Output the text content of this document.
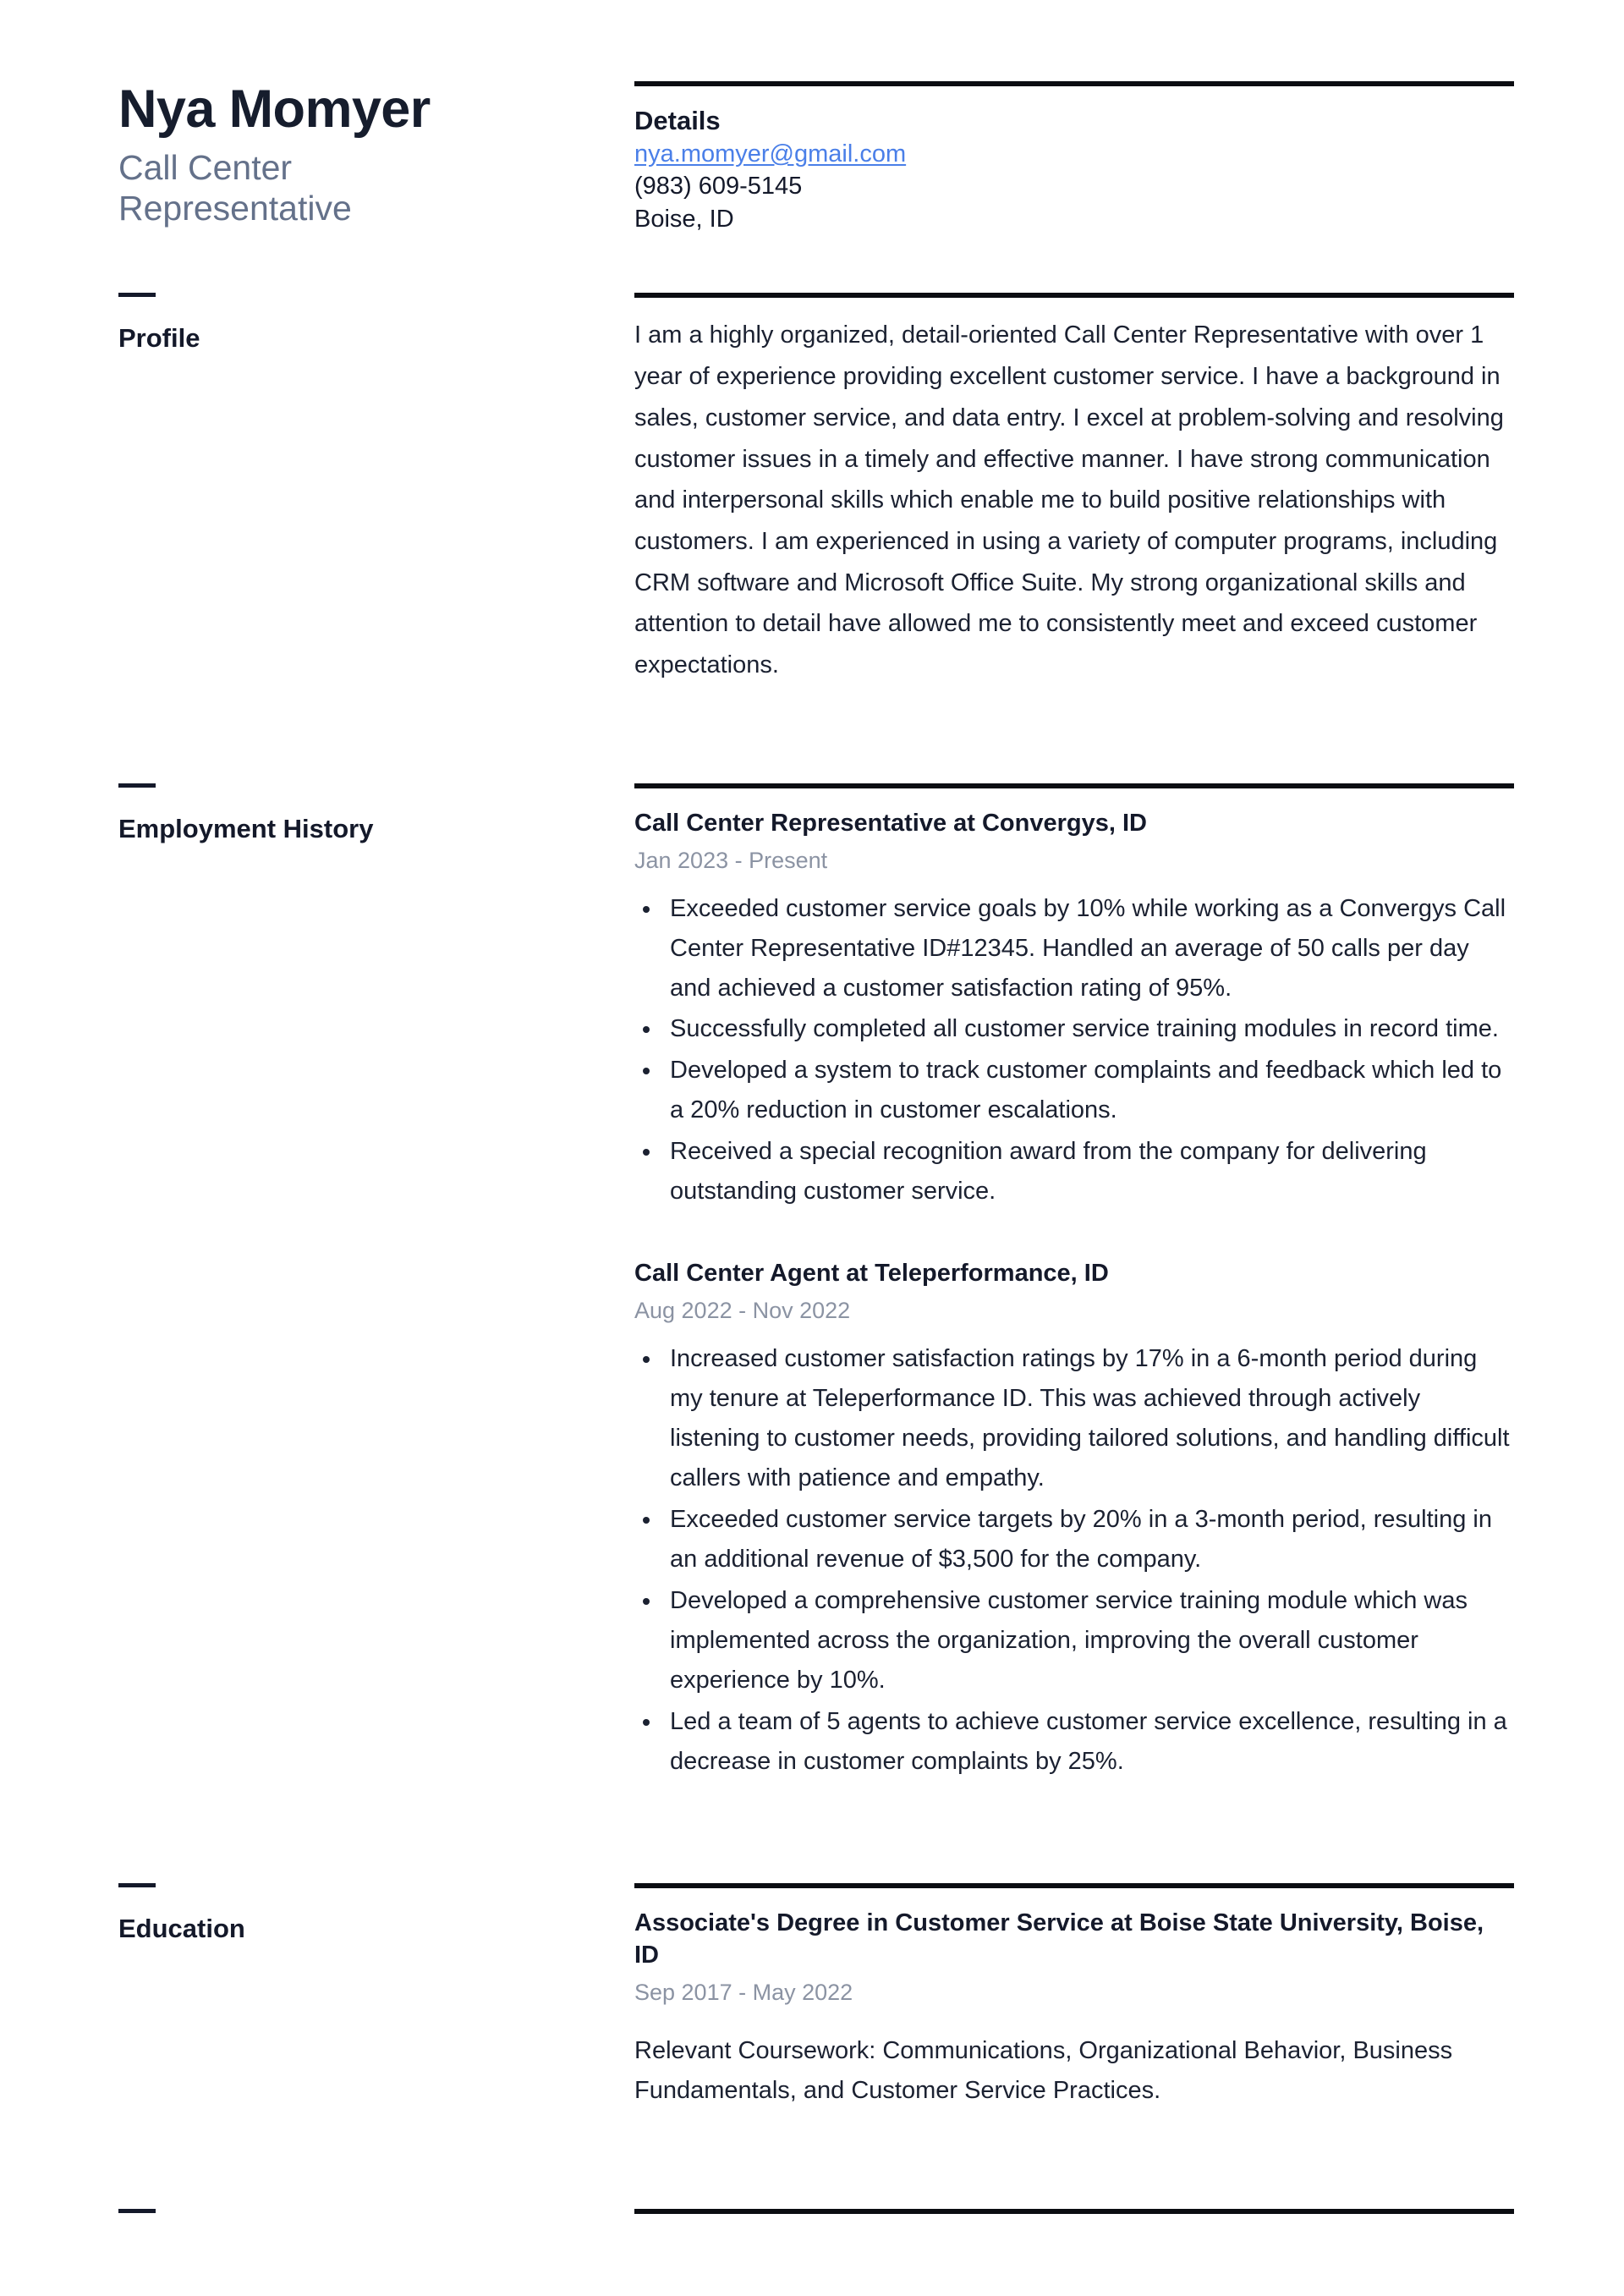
Nya Momyer
Call Center Representative
Details
nya.momyer@gmail.com
(983) 609-5145
Boise, ID
Profile	I am a highly organized, detail-oriented Call Center Representative with over 1 year of experience providing excellent customer service. I have a background in sales, customer service, and data entry. I excel at problem-solving and resolving customer issues in a timely and effective manner. I have strong communication and interpersonal skills which enable me to build positive relationships with customers. I am experienced in using a variety of computer programs, including CRM software and Microsoft Office Suite. My strong organizational skills and attention to detail have allowed me to consistently meet and exceed customer expectations.
Employment History	Call Center Representative at Convergys, ID
Jan 2023 - Present
Exceeded customer service goals by 10% while working as a Convergys Call Center Representative ID#12345. Handled an average of 50 calls per day and achieved a customer satisfaction rating of 95%.
Successfully completed all customer service training modules in record time.
Developed a system to track customer complaints and feedback which led to a 20% reduction in customer escalations.
Received a special recognition award from the company for delivering outstanding customer service.
Call Center Agent at Teleperformance, ID
Aug 2022 - Nov 2022
Increased customer satisfaction ratings by 17% in a 6-month period during my tenure at Teleperformance ID. This was achieved through actively listening to customer needs, providing tailored solutions, and handling difficult callers with patience and empathy.
Exceeded customer service targets by 20% in a 3-month period, resulting in an additional revenue of $3,500 for the company.
Developed a comprehensive customer service training module which was implemented across the organization, improving the overall customer experience by 10%.
Led a team of 5 agents to achieve customer service excellence, resulting in a decrease in customer complaints by 25%.
Education	Associate's Degree in Customer Service at Boise State University, Boise, ID
Sep 2017 - May 2022
Relevant Coursework: Communications, Organizational Behavior, Business Fundamentals, and Customer Service Practices.
